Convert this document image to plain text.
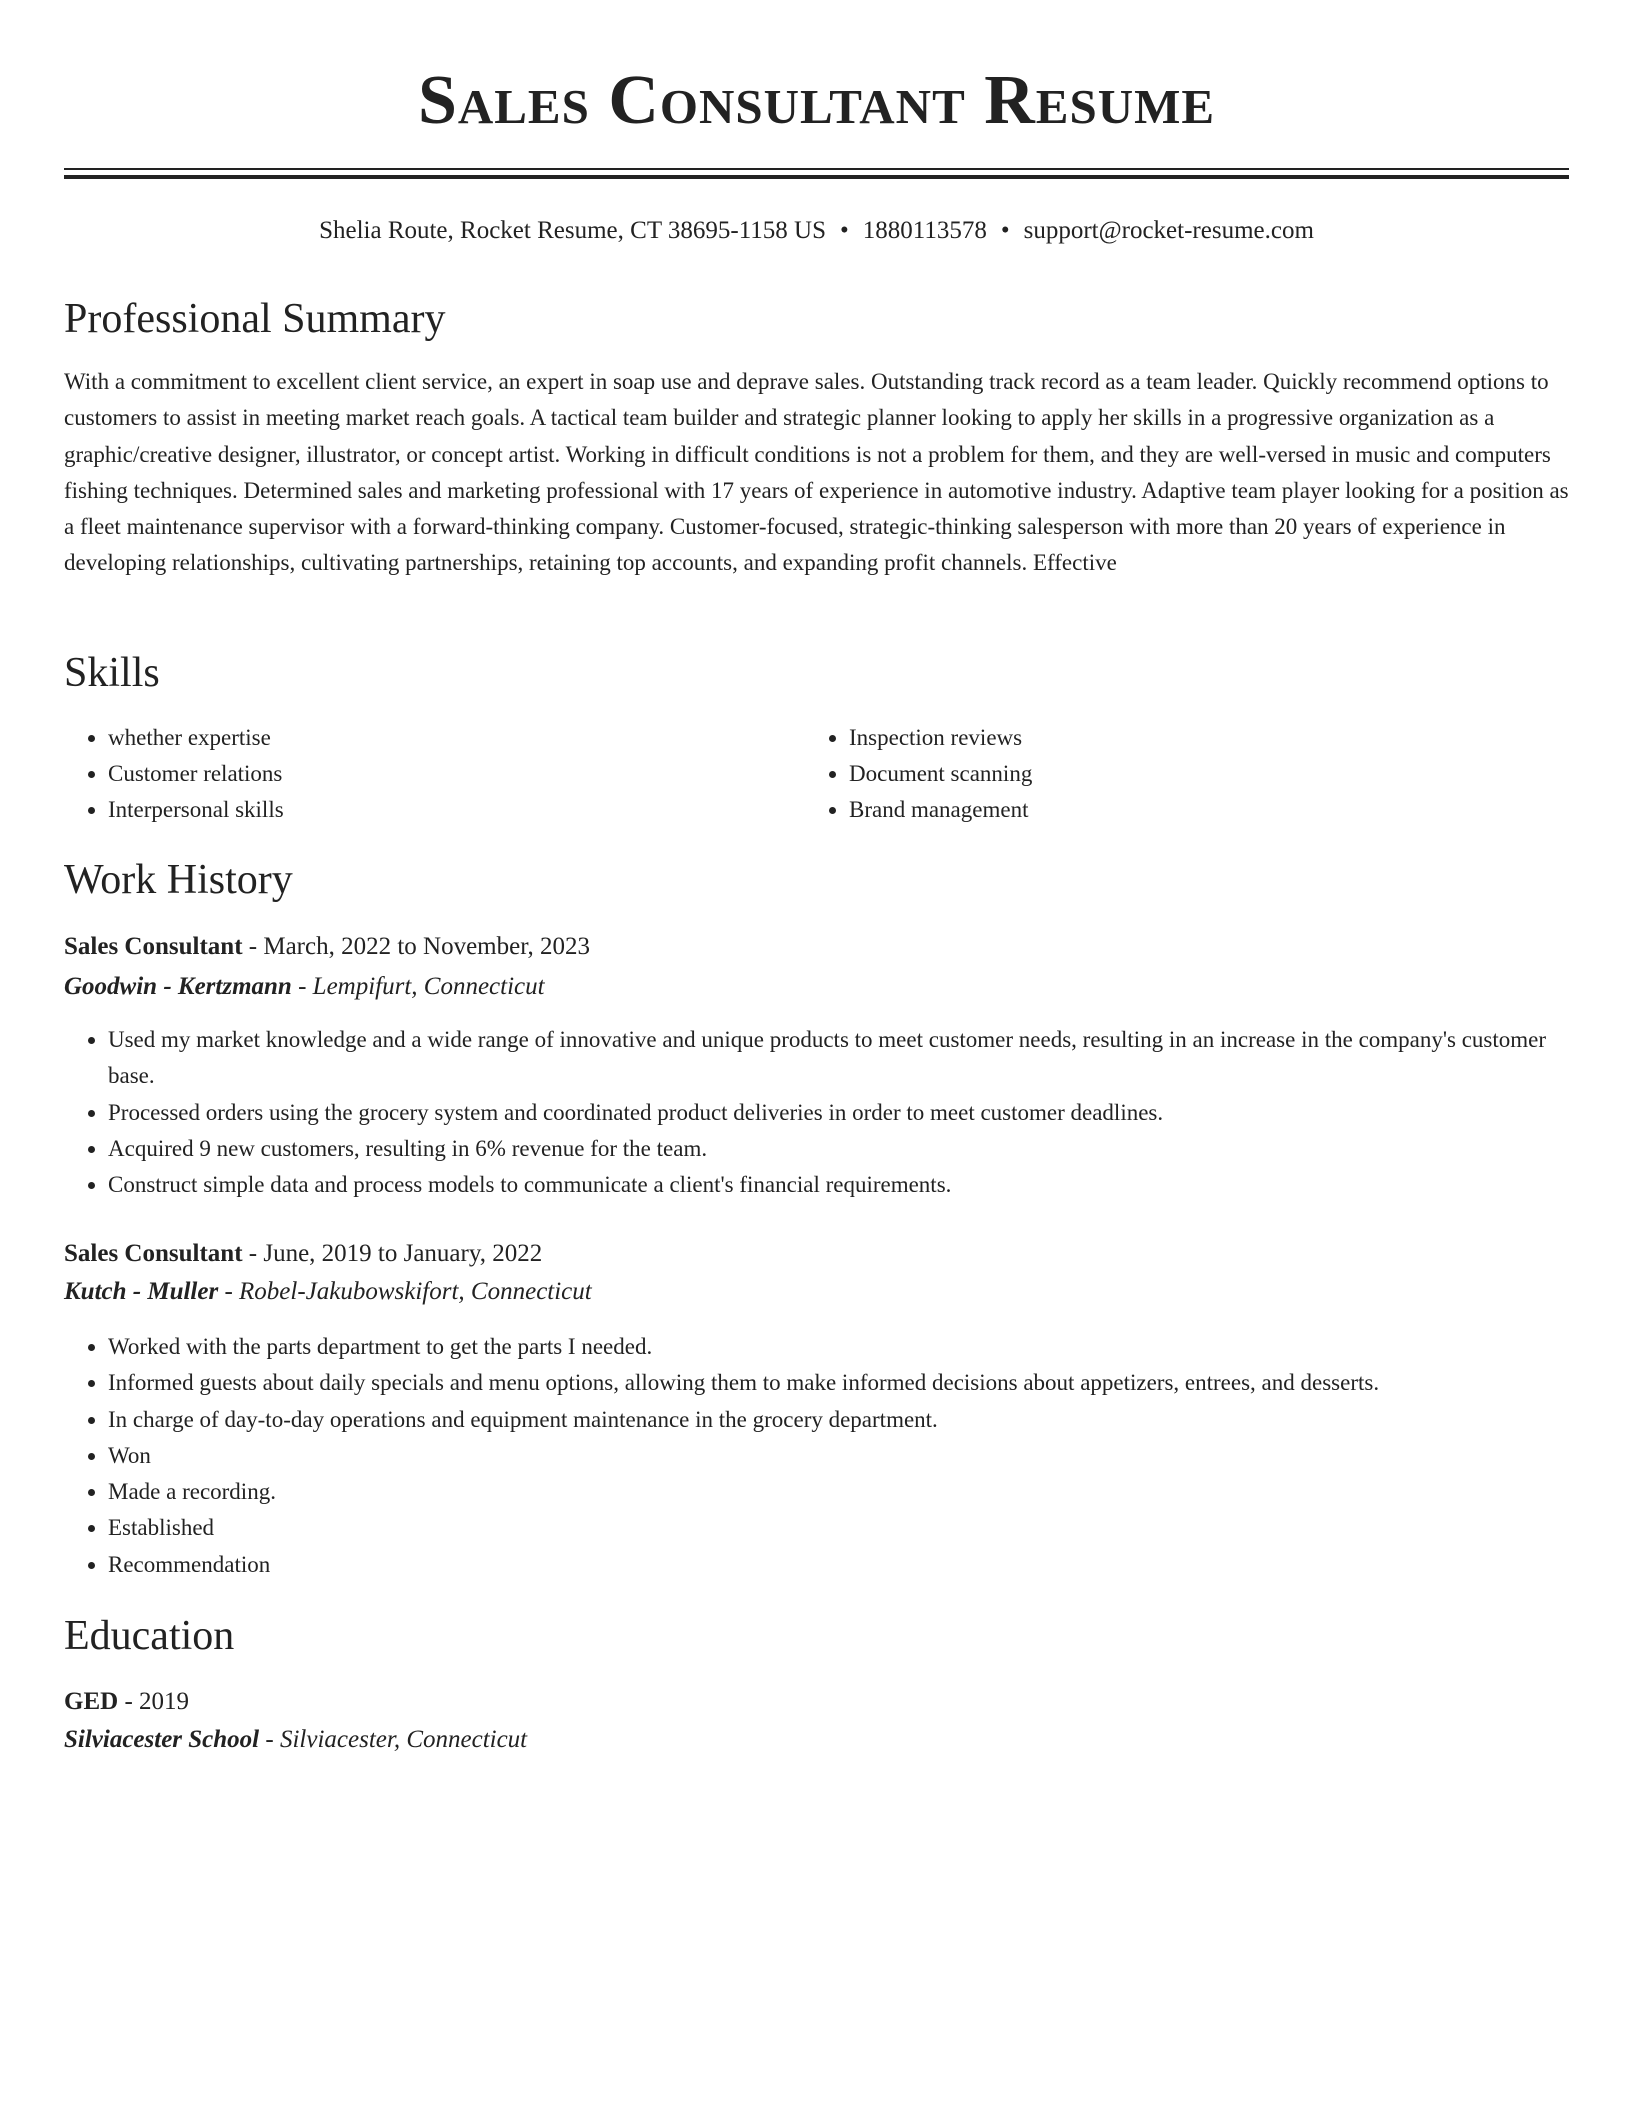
Sales Consultant Resume
Shelia Route, Rocket Resume, CT 38695-1158 US • 1880113578 • support@rocket-resume.com
Professional Summary

With a commitment to excellent client service, an expert in soap use and deprave sales. Outstanding track record as a team leader. Quickly recommend options to customers to assist in meeting market reach goals. A tactical team builder and strategic planner looking to apply her skills in a progressive organization as a graphic/creative designer, illustrator, or concept artist. Working in difficult conditions is not a problem for them, and they are well-versed in music and computers fishing techniques. Determined sales and marketing professional with 17 years of experience in automotive industry. Adaptive team player looking for a position as a fleet maintenance supervisor with a forward-thinking company. Customer-focused, strategic-thinking salesperson with more than 20 years of experience in developing relationships, cultivating partnerships, retaining top accounts, and expanding profit channels. Effective

Skills
• whether expertise
• Customer relations
• Interpersonal skills
• Inspection reviews
• Document scanning
• Brand management
Work History
Sales Consultant - March, 2022 to November, 2023
Goodwin - Kertzmann - Lempifurt, Connecticut
• Used my market knowledge and a wide range of innovative and unique products to meet customer needs, resulting in an increase in the company's customer base.
• Processed orders using the grocery system and coordinated product deliveries in order to meet customer deadlines.
• Acquired 9 new customers, resulting in 6% revenue for the team.
• Construct simple data and process models to communicate a client's financial requirements.
Sales Consultant - June, 2019 to January, 2022
Kutch - Muller - Robel-Jakubowskifort, Connecticut
• Worked with the parts department to get the parts I needed.
• Informed guests about daily specials and menu options, allowing them to make informed decisions about appetizers, entrees, and desserts.
• In charge of day-to-day operations and equipment maintenance in the grocery department.
• Won
• Made a recording.
• Established
• Recommendation
Education
GED - 2019
Silviacester School - Silviacester, Connecticut
